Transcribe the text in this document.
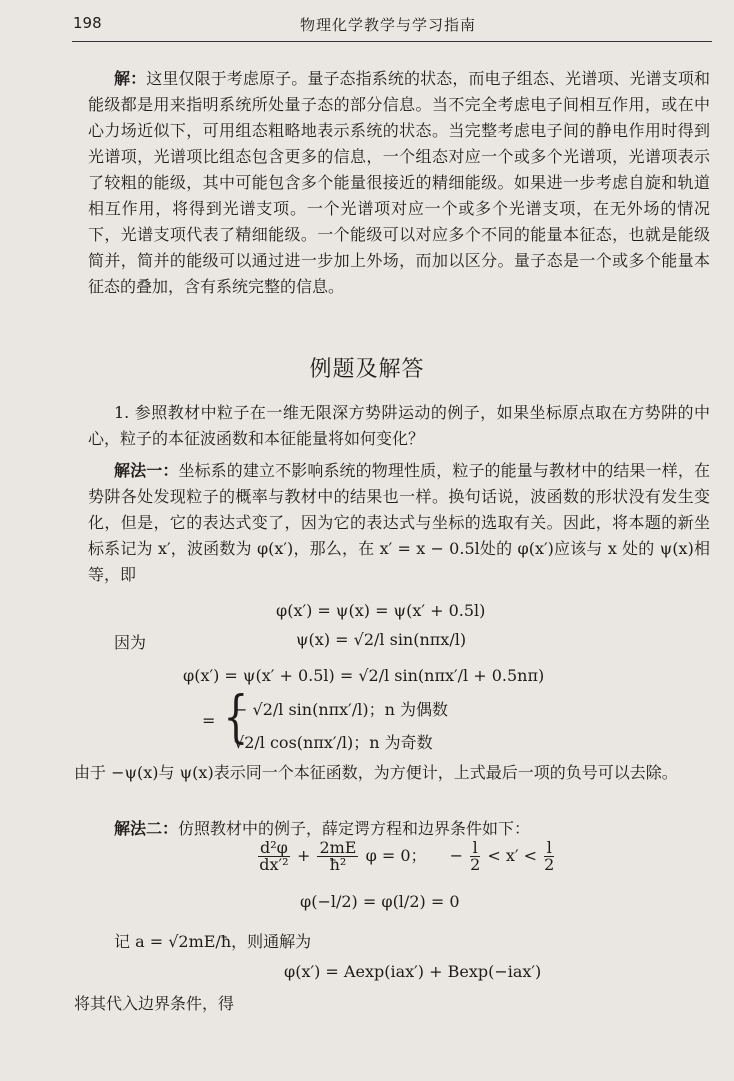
198	物理化学教学与学习指南

解：这里仅限于考虑原子。量子态指系统的状态，而电子组态、光谱项、光谱支项和能级都是用来指明系统所处量子态的部分信息。当不完全考虑电子间相互作用，或在中心力场近似下，可用组态粗略地表示系统的状态。当完整考虑电子间的静电作用时得到光谱项，光谱项比组态包含更多的信息，一个组态对应一个或多个光谱项，光谱项表示了较粗的能级，其中可能包含多个能量很接近的精细能级。如果进一步考虑自旋和轨道相互作用，将得到光谱支项。一个光谱项对应一个或多个光谱支项，在无外场的情况下，光谱支项代表了精细能级。一个能级可以对应多个不同的能量本征态，也就是能级简并，简并的能级可以通过进一步加上外场，而加以区分。量子态是一个或多个能量本征态的叠加，含有系统完整的信息。

例题及解答

1. 参照教材中粒子在一维无限深方势阱运动的例子，如果坐标原点取在方势阱的中心，粒子的本征波函数和本征能量将如何变化？

解法一：坐标系的建立不影响系统的物理性质，粒子的能量与教材中的结果一样，在势阱各处发现粒子的概率与教材中的结果也一样。换句话说，波函数的形状没有发生变化，但是，它的表达式变了，因为它的表达式与坐标的选取有关。因此，将本题的新坐标系记为 x′，波函数为 φ(x′)，那么，在 x′ = x − 0.5l处的 φ(x′)应该与 x 处的 ψ(x)相等，即

φ(x′) = ψ(x) = ψ(x′ + 0.5l)
因为	ψ(x) = √2/l sin(nπx/l)
φ(x′) = ψ(x′ + 0.5l) = √2/l sin(nπx′/l + 0.5nπ)
= {
− √2/l sin(nπx′/l)；n 为偶数
√2/l cos(nπx′/l)；n 为奇数

由于 −ψ(x)与 ψ(x)表示同一个本征函数，为方便计，上式最后一项的负号可以去除。

解法二：仿照教材中的例子，薛定谔方程和边界条件如下：

$\frac{\text{d²φ}}{\text{dx′²}} + \frac{2mE}{\text{ħ²}}$ φ = 0； − $\frac{l}{2} < x' < \frac{l}{2}$
φ(−l/2) = φ(l/2) = 0
记 a = √2mE/ħ，则通解为
φ(x′) = Aexp(iax′) + Bexp(−iax′)
将其代入边界条件，得
